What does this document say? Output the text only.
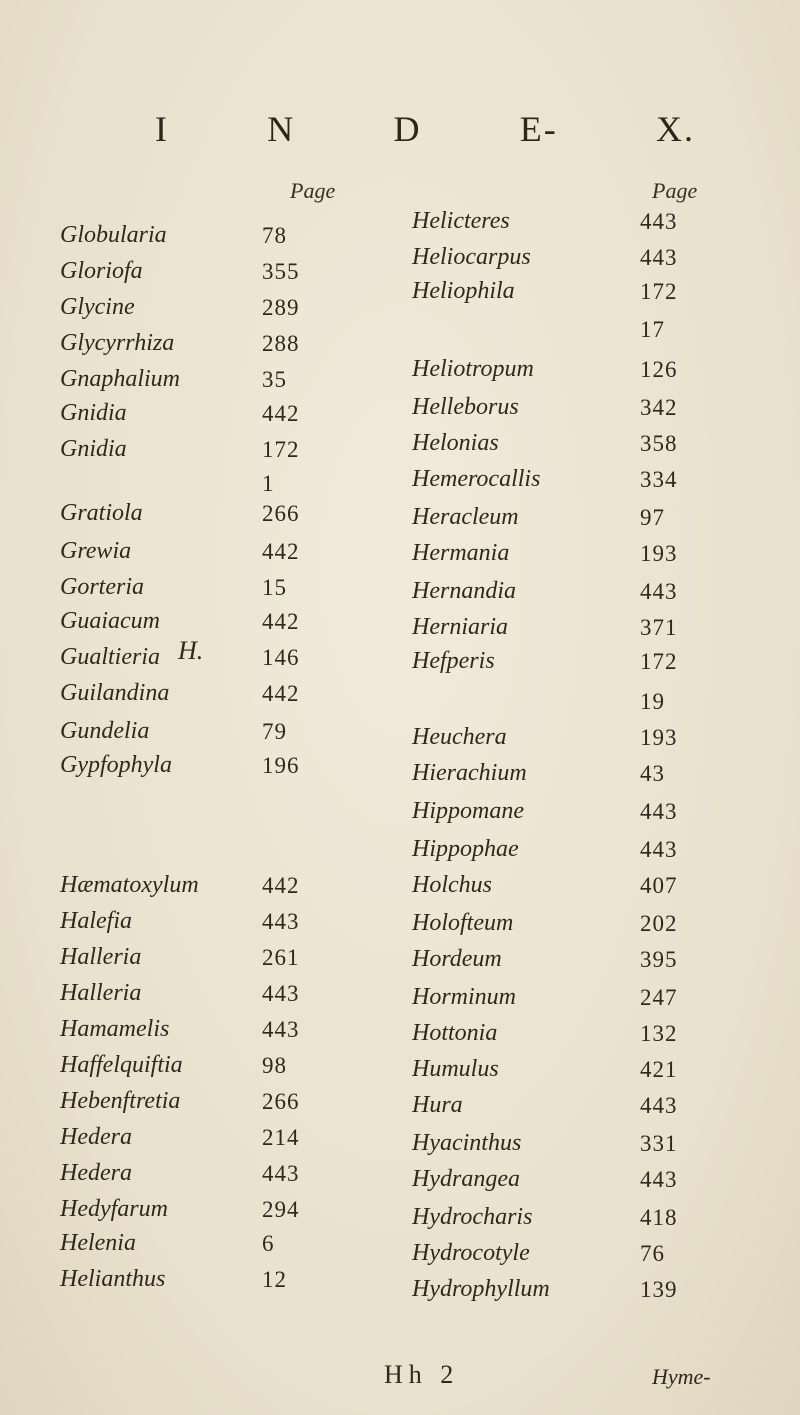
I	N	D	E-	X.
Page	Page
H.
Globularia	78
Gloriofa	355
Glycine	289
Glycyrrhiza	288
Gnaphalium	35
Gnidia	442
Gnidia	172
1
Gratiola	266
Grewia	442
Gorteria	15
Guaiacum	442
Gualtieria	146
Guilandina	442
Gundelia	79
Gypfophyla	196
Hæmatoxylum	442
Halefia	443
Halleria	261
Halleria	443
Hamamelis	443
Haffelquiftia	98
Hebenftretia	266
Hedera	214
Hedera	443
Hedyfarum	294
Helenia	6
Helianthus	12
Helicteres	443
Heliocarpus	443
Heliophila	172
17
Heliotropum	126
Helleborus	342
Helonias	358
Hemerocallis	334
Heracleum	97
Hermania	193
Hernandia	443
Herniaria	371
Hefperis	172
19
Heuchera	193
Hierachium	43
Hippomane	443
Hippophae	443
Holchus	407
Holofteum	202
Hordeum	395
Horminum	247
Hottonia	132
Humulus	421
Hura	443
Hyacinthus	331
Hydrangea	443
Hydrocharis	418
Hydrocotyle	76
Hydrophyllum	139
Hh 2	Hyme-
